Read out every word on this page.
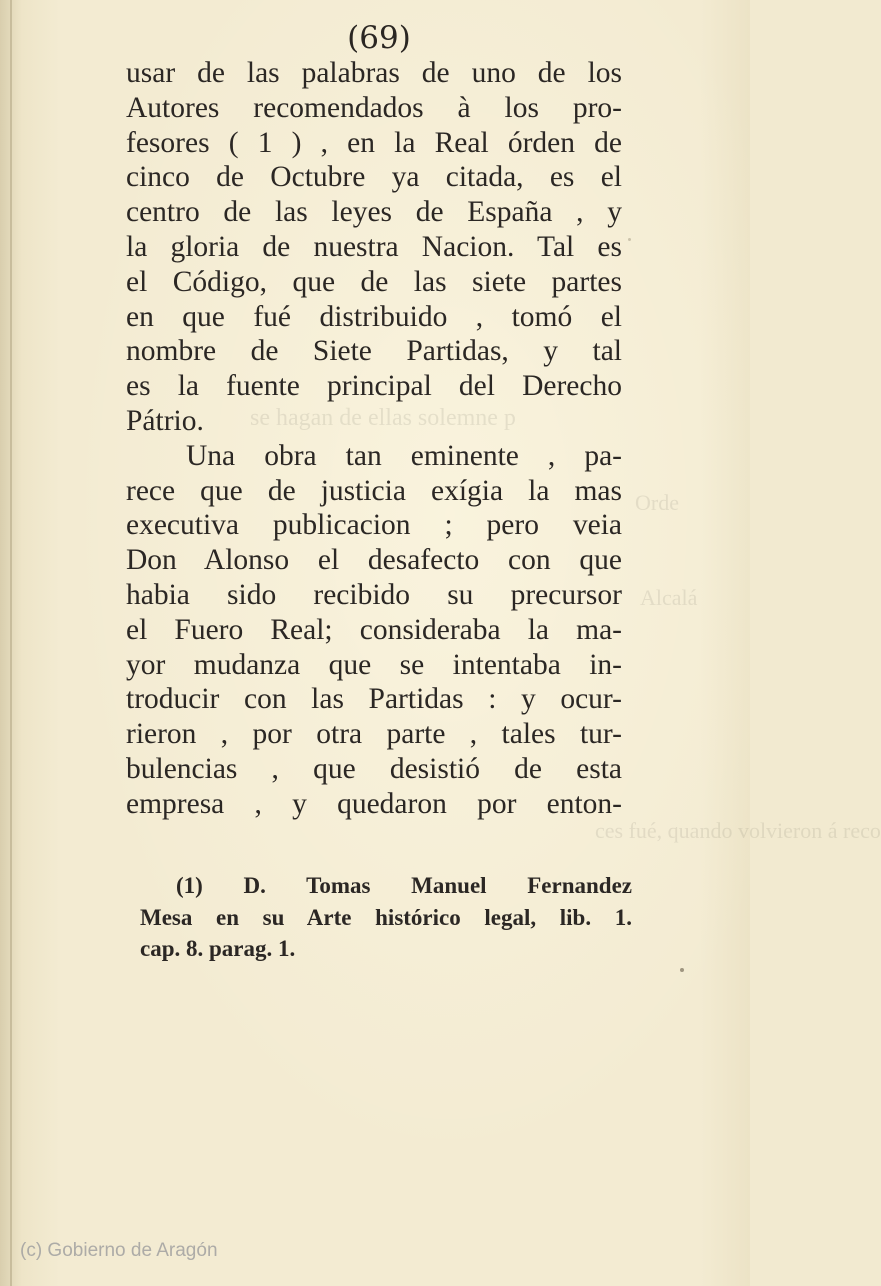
se hagan de ellas solemne p
Orde
Alcalá
ces fué, quando volvieron á reco
(69)
usar de las palabras de uno de los
Autores recomendados à los pro-
fesores ( 1 ) , en la Real órden de
cinco de Octubre ya citada, es el
centro de las leyes de España , y
la gloria de nuestra Nacion. Tal es
el Código, que de las siete partes
en que fué distribuido , tomó el
nombre de Siete Partidas, y tal
es la fuente principal del Derecho
Pátrio.
Una obra tan eminente , pa-
rece que de justicia exígia la mas
executiva publicacion ; pero veia
Don Alonso el desafecto con que
habia sido recibido su precursor
el Fuero Real; consideraba la ma-
yor mudanza que se intentaba in-
troducir con las Partidas : y ocur-
rieron , por otra parte , tales tur-
bulencias , que desistió de esta
empresa , y quedaron por enton-
(1) D. Tomas Manuel Fernandez
Mesa en su Arte histórico legal, lib. 1.
cap. 8. parag. 1.
(c) Gobierno de Aragón
